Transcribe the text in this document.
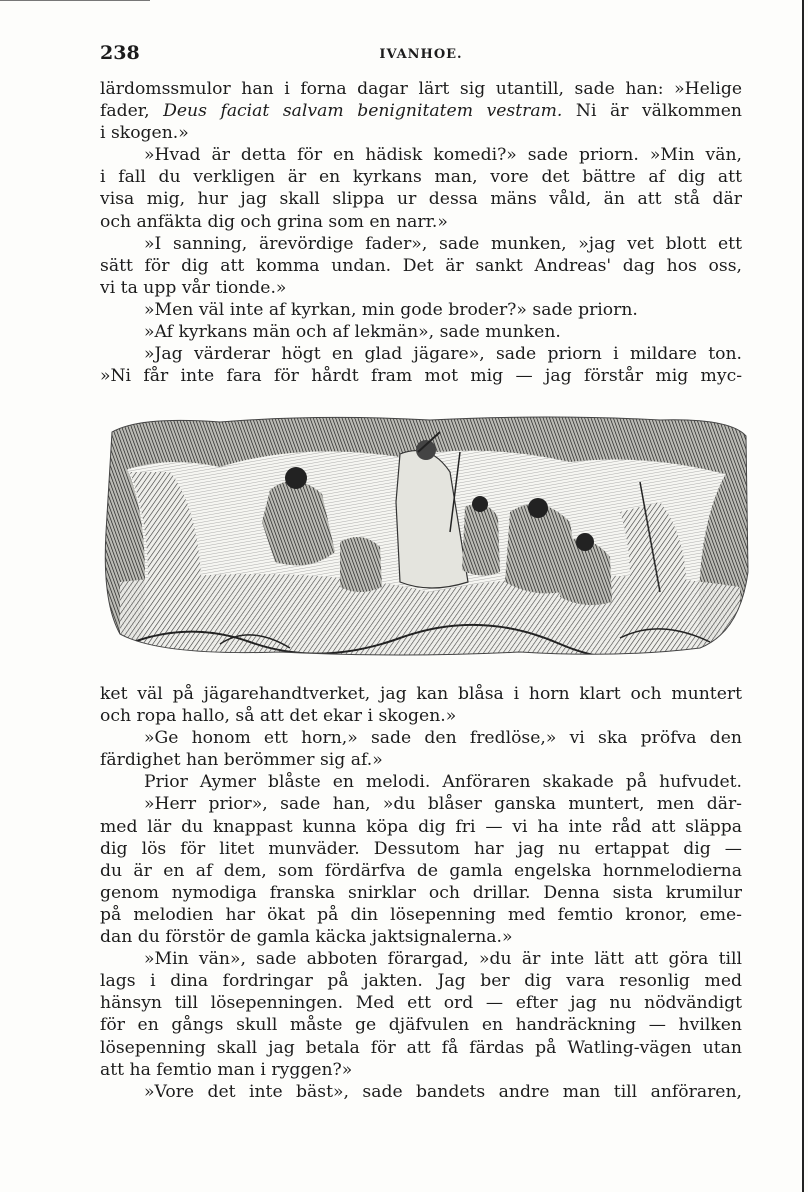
238	IVANHOE.

lärdomssmulor han i forna dagar lärt sig utantill, sade han: »Helige

fader, Deus faciat salvam benignitatem vestram. Ni är välkommen

i skogen.»

»Hvad är detta för en hädisk komedi?» sade priorn. »Min vän,

i fall du verkligen är en kyrkans man, vore det bättre af dig att

visa mig, hur jag skall slippa ur dessa mäns våld, än att stå där

och anfäkta dig och grina som en narr.»

»I sanning, ärevördige fader», sade munken, »jag vet blott ett

sätt för dig att komma undan. Det är sankt Andreas' dag hos oss,

vi ta upp vår tionde.»

»Men väl inte af kyrkan, min gode broder?» sade priorn.

»Af kyrkans män och af lekmän», sade munken.

»Jag värderar högt en glad jägare», sade priorn i mildare ton.

»Ni får inte fara för hårdt fram mot mig — jag förstår mig myc-

ket väl på jägarehandtverket, jag kan blåsa i horn klart och muntert

och ropa hallo, så att det ekar i skogen.»

»Ge honom ett horn,» sade den fredlöse,» vi ska pröfva den

färdighet han berömmer sig af.»

Prior Aymer blåste en melodi. Anföraren skakade på hufvudet.

»Herr prior», sade han, »du blåser ganska muntert, men där-

med lär du knappast kunna köpa dig fri — vi ha inte råd att släppa

dig lös för litet munväder. Dessutom har jag nu ertappat dig —

du är en af dem, som fördärfva de gamla engelska hornmelodierna

genom nymodiga franska snirklar och drillar. Denna sista krumilur

på melodien har ökat på din lösepenning med femtio kronor, eme-

dan du förstör de gamla käcka jaktsignalerna.»

»Min vän», sade abboten förargad, »du är inte lätt att göra till

lags i dina fordringar på jakten. Jag ber dig vara resonlig med

hänsyn till lösepenningen. Med ett ord — efter jag nu nödvändigt

för en gångs skull måste ge djäfvulen en handräckning — hvilken

lösepenning skall jag betala för att få färdas på Watling-vägen utan

att ha femtio man i ryggen?»

»Vore det inte bäst», sade bandets andre man till anföraren,
